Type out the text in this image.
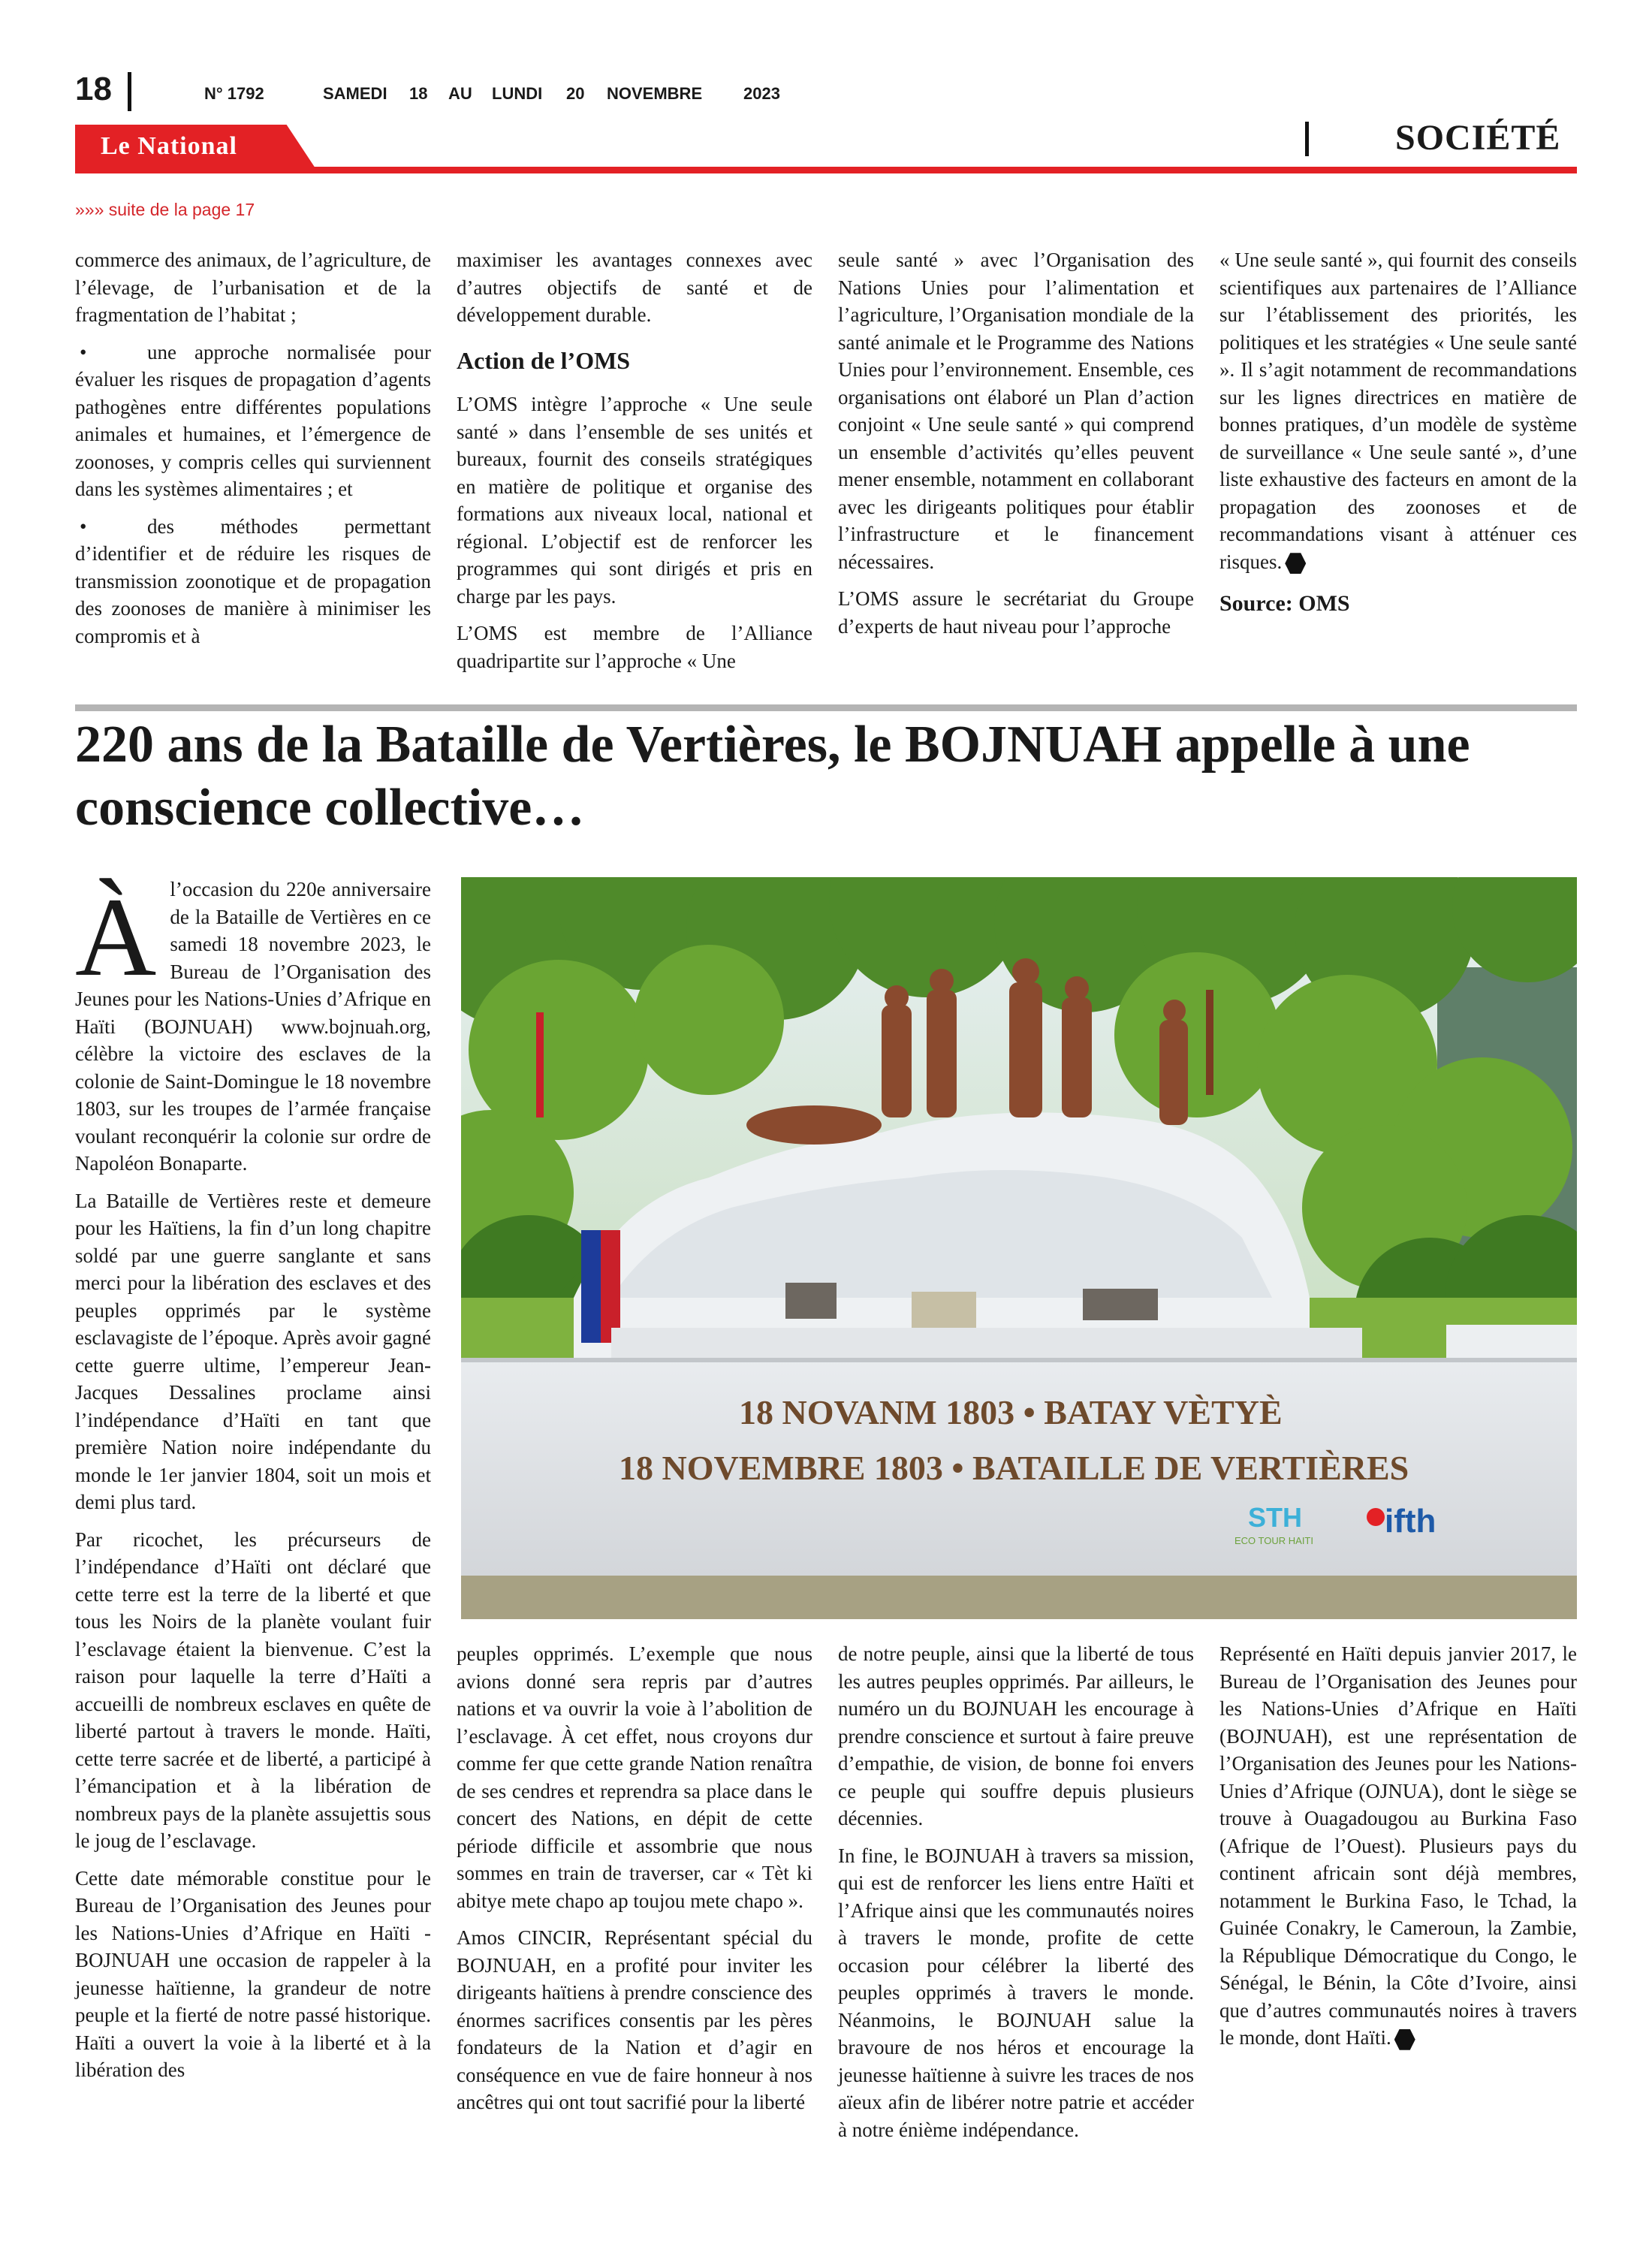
18	N° 1792	SAMEDI 18 AU LUNDI 20 NOVEMBRE 2023
Le National	SOCIÉTÉ
»»» suite de la page 17

commerce des animaux, de l’agriculture, de l’élevage, de l’urbanisation et de la fragmentation de l’habitat ;

•	une approche normalisée pour évaluer les risques de propagation d’agents pathogènes entre différentes populations animales et humaines, et l’émergence de zoonoses, y compris celles qui surviennent dans les systèmes alimentaires ; et

•	des méthodes permettant d’identifier et de réduire les risques de transmission zoonotique et de propagation des zoonoses de manière à minimiser les compromis et à

maximiser les avantages connexes avec d’autres objectifs de santé et de développement durable.

Action de l’OMS

L’OMS intègre l’approche « Une seule santé » dans l’ensemble de ses unités et bureaux, fournit des conseils stratégiques en matière de politique et organise des formations aux niveaux local, national et régional. L’objectif est de renforcer les programmes qui sont dirigés et pris en charge par les pays.

L’OMS est membre de l’Alliance quadripartite sur l’approche « Une

seule santé » avec l’Organisation des Nations Unies pour l’alimentation et l’agriculture, l’Organisation mondiale de la santé animale et le Programme des Nations Unies pour l’environnement. Ensemble, ces organisations ont élaboré un Plan d’action conjoint « Une seule santé » qui comprend un ensemble d’activités qu’elles peuvent mener ensemble, notamment en collaborant avec les dirigeants politiques pour établir l’infrastructure et le financement nécessaires.

L’OMS assure le secrétariat du Groupe d’experts de haut niveau pour l’approche

« Une seule santé », qui fournit des conseils scientifiques aux partenaires de l’Alliance sur l’établissement des priorités, les politiques et les stratégies « Une seule santé ». Il s’agit notamment de recommandations sur les lignes directrices en matière de bonnes pratiques, d’un modèle de système de surveillance « Une seule santé », d’une liste exhaustive des facteurs en amont de la propagation des zoonoses et de recommandations visant à atténuer ces risques.

Source: OMS
220 ans de la Bataille de Vertières, le BOJNUAH appelle à une conscience collective…

Àl’occasion du 220e anniversaire de la Bataille de Vertières en ce samedi 18 novembre 2023, le Bureau de l’Organisation des Jeunes pour les Nations-Unies d’Afrique en Haïti (BOJNUAH) www.bojnuah.org, célèbre la victoire des esclaves de la colonie de Saint-Domingue le 18 novembre 1803, sur les troupes de l’armée française voulant reconquérir la colonie sur ordre de Napoléon Bonaparte.

La Bataille de Vertières reste et demeure pour les Haïtiens, la fin d’un long chapitre soldé par une guerre sanglante et sans merci pour la libération des esclaves et des peuples opprimés par le système esclavagiste de l’époque. Après avoir gagné cette guerre ultime, l’empereur Jean-Jacques Dessalines proclame ainsi l’indépendance d’Haïti en tant que première Nation noire indépendante du monde le 1er janvier 1804, soit un mois et demi plus tard.

Par ricochet, les précurseurs de l’indépendance d’Haïti ont déclaré que cette terre est la terre de la liberté et que tous les Noirs de la planète voulant fuir l’esclavage étaient la bienvenue. C’est la raison pour laquelle la terre d’Haïti a accueilli de nombreux esclaves en quête de liberté partout à travers le monde. Haïti, cette terre sacrée et de liberté, a participé à l’émancipation et à la libération de nombreux pays de la planète assujettis sous le joug de l’esclavage.

Cette date mémorable constitue pour le Bureau de l’Organisation des Jeunes pour les Nations-Unies d’Afrique en Haïti - BOJNUAH une occasion de rappeler à la jeunesse haïtienne, la grandeur de notre peuple et la fierté de notre passé historique. Haïti a ouvert la voie à la liberté et à la libération des

18 NOVANM 1803 • BATAY VÈTYÈ
18 NOVEMBRE 1803 • BATAILLE DE VERTIÈRES
STH
ECO TOUR HAITI
ifth

peuples opprimés. L’exemple que nous avions donné sera repris par d’autres nations et va ouvrir la voie à l’abolition de l’esclavage. À cet effet, nous croyons dur comme fer que cette grande Nation renaîtra de ses cendres et reprendra sa place dans le concert des Nations, en dépit de cette période difficile et assombrie que nous sommes en train de traverser, car « Tèt ki abitye mete chapo ap toujou mete chapo ».

Amos CINCIR, Représentant spécial du BOJNUAH, en a profité pour inviter les dirigeants haïtiens à prendre conscience des énormes sacrifices consentis par les pères fondateurs de la Nation et d’agir en conséquence en vue de faire honneur à nos ancêtres qui ont tout sacrifié pour la liberté

de notre peuple, ainsi que la liberté de tous les autres peuples opprimés. Par ailleurs, le numéro un du BOJNUAH les encourage à prendre conscience et surtout à faire preuve d’empathie, de vision, de bonne foi envers ce peuple qui souffre depuis plusieurs décennies.

In fine, le BOJNUAH à travers sa mission, qui est de renforcer les liens entre Haïti et l’Afrique ainsi que les communautés noires à travers le monde, profite de cette occasion pour célébrer la liberté des peuples opprimés à travers le monde. Néanmoins, le BOJNUAH salue la bravoure de nos héros et encourage la jeunesse haïtienne à suivre les traces de nos aïeux afin de libérer notre patrie et accéder à notre énième indépendance.

Représenté en Haïti depuis janvier 2017, le Bureau de l’Organisation des Jeunes pour les Nations-Unies d’Afrique en Haïti (BOJNUAH), est une représentation de l’Organisation des Jeunes pour les Nations-Unies d’Afrique (OJNUA), dont le siège se trouve à Ouagadougou au Burkina Faso (Afrique de l’Ouest). Plusieurs pays du continent africain sont déjà membres, notamment le Burkina Faso, le Tchad, la Guinée Conakry, le Cameroun, la Zambie, la République Démocratique du Congo, le Sénégal, le Bénin, la Côte d’Ivoire, ainsi que d’autres communautés noires à travers le monde, dont Haïti.
